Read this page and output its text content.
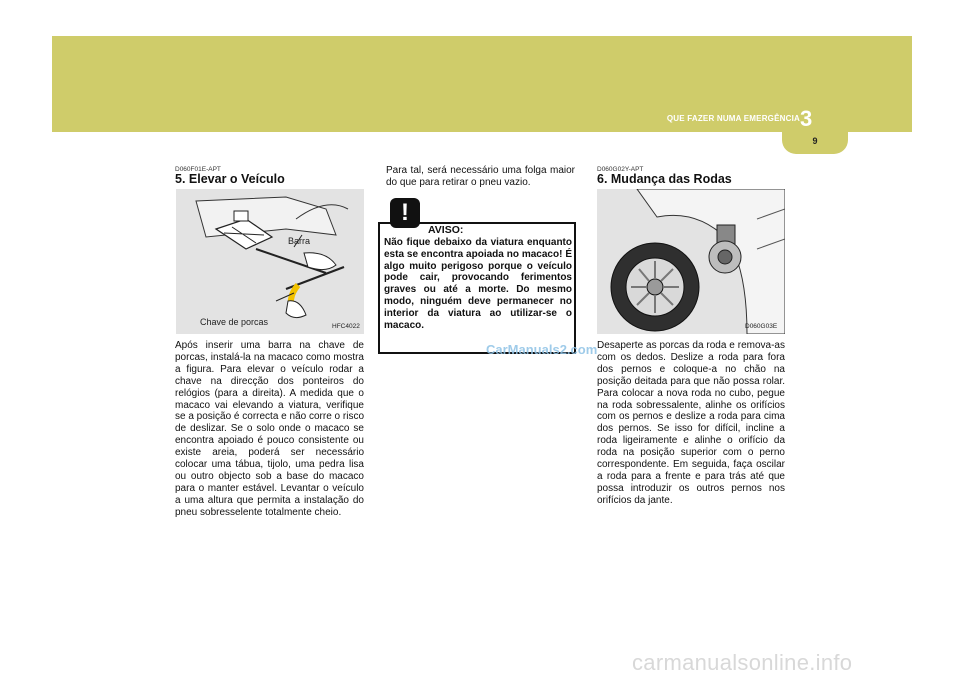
QUE FAZER NUMA EMERGÊNCIA 3
9
D060F01E-APT
5. Elevar o Veículo
Barra
Chave de porcas	HFC4022

Após inserir uma barra na chave de porcas, instalá-la na macaco como mostra a figura. Para elevar o veículo rodar a chave na direcção dos ponteiros do relógios (para a direita). A medida que o macaco vai elevando a viatura, verifique se a posição é correcta e não corre o risco de deslizar. Se o solo onde o macaco se encontra apoiado é pouco consistente ou existe areia, poderá ser necessário colocar uma tábua, tijolo, uma pedra lisa ou outro objecto sob a base do macaco para o manter estável. Levantar o veículo a uma altura que permita a instalação do pneu sobresselente totalmente cheio.

Para tal, será necessário uma folga maior do que para retirar o pneu vazio.

!
AVISO:

Não fique debaixo da viatura enquanto esta se encontra apoiada no macaco! É algo muito perigoso porque o veículo pode cair, provocando ferimentos graves ou até a morte. Do mesmo modo, ninguém deve permanecer no interior da viatura ao utilizar-se o macaco.

CarManuals2.com
D060G02Y-APT
6. Mudança das Rodas
D060G03E

Desaperte as porcas da roda e remova-as com os dedos. Deslize a roda para fora dos pernos e coloque-a no chão na posição deitada para que não possa rolar. Para colocar a nova roda no cubo, pegue na roda sobressalente, alinhe os orifícios com os pernos e deslize a roda para cima dos pernos. Se isso for difícil, incline a roda ligeiramente e alinhe o orifício da roda na posição superior com o perno correspondente. Em seguida, faça oscilar a roda para a frente e para trás até que possa introduzir os outros pernos nos orifícios da jante.

carmanualsonline.info
